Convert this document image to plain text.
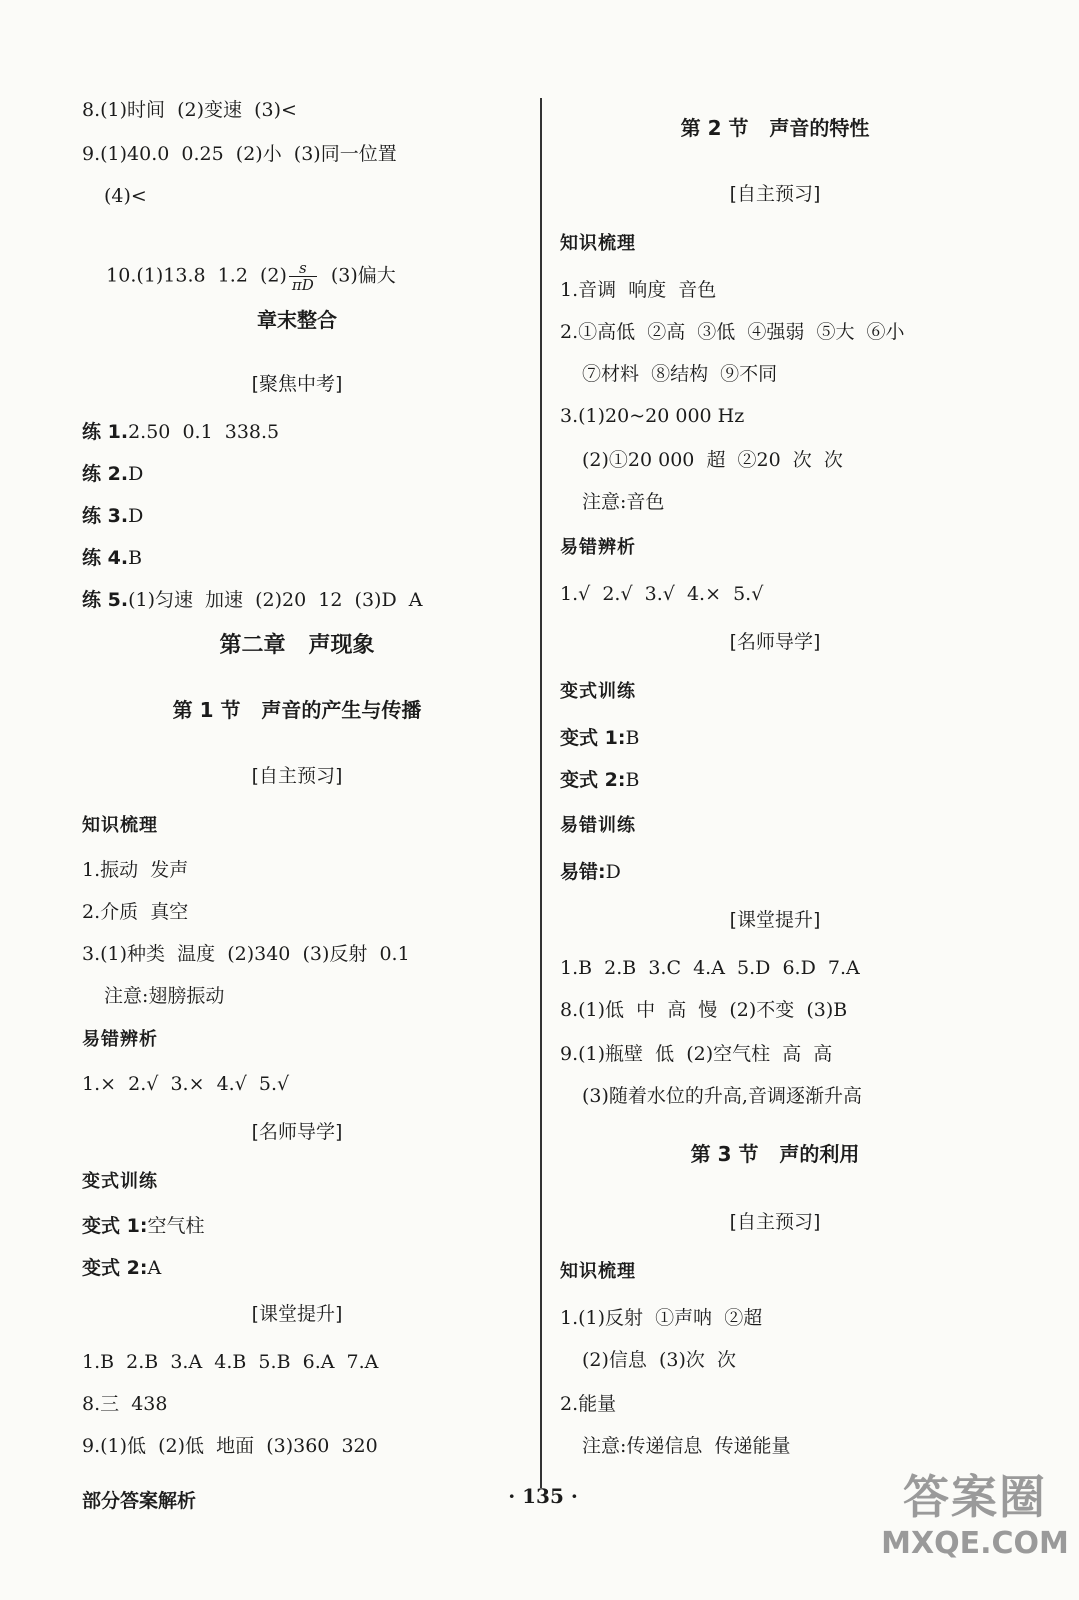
8.(1)时间  (2)变速  (3)<
9.(1)40.0  0.25  (2)小  (3)同一位置
(4)<

10.(1)13.8  1.2  $(2) \frac{s}{\pi D} (3)$偏大

章末整合
[聚焦中考]
练 1.2.50  0.1  338.5
练 2.D
练 3.D
练 4.B
练 5.(1)匀速  加速  (2)20  12  (3)D  A
第二章   声现象
第 1 节   声音的产生与传播
[自主预习]
知识梳理
1.振动  发声
2.介质  真空
3.(1)种类  温度  (2)340  (3)反射  0.1
注意:翅膀振动
易错辨析
1.×  2.√  3.×  4.√  5.√
[名师导学]
变式训练
变式 1:空气柱
变式 2:A
[课堂提升]
1.B  2.B  3.A  4.B  5.B  6.A  7.A
8.三  438
9.(1)低  (2)低  地面  (3)360  320
第 2 节   声音的特性
[自主预习]
知识梳理
1.音调  响度  音色
2.①高低  ②高  ③低  ④强弱  ⑤大  ⑥小
⑦材料  ⑧结构  ⑨不同
3.(1)20~20 000 Hz
(2)①20 000  超  ②20  次  次
注意:音色
易错辨析
1.√  2.√  3.√  4.×  5.√
[名师导学]
变式训练
变式 1:B
变式 2:B
易错训练
易错:D
[课堂提升]
1.B  2.B  3.C  4.A  5.D  6.D  7.A
8.(1)低  中  高  慢  (2)不变  (3)B
9.(1)瓶壁  低  (2)空气柱  高  高
(3)随着水位的升高,音调逐渐升高
第 3 节   声的利用
[自主预习]
知识梳理
1.(1)反射  ①声呐  ②超
(2)信息  (3)次  次
2.能量
注意:传递信息  传递能量
部分答案解析	· 135 ·	答案圈
MXQE.COM
